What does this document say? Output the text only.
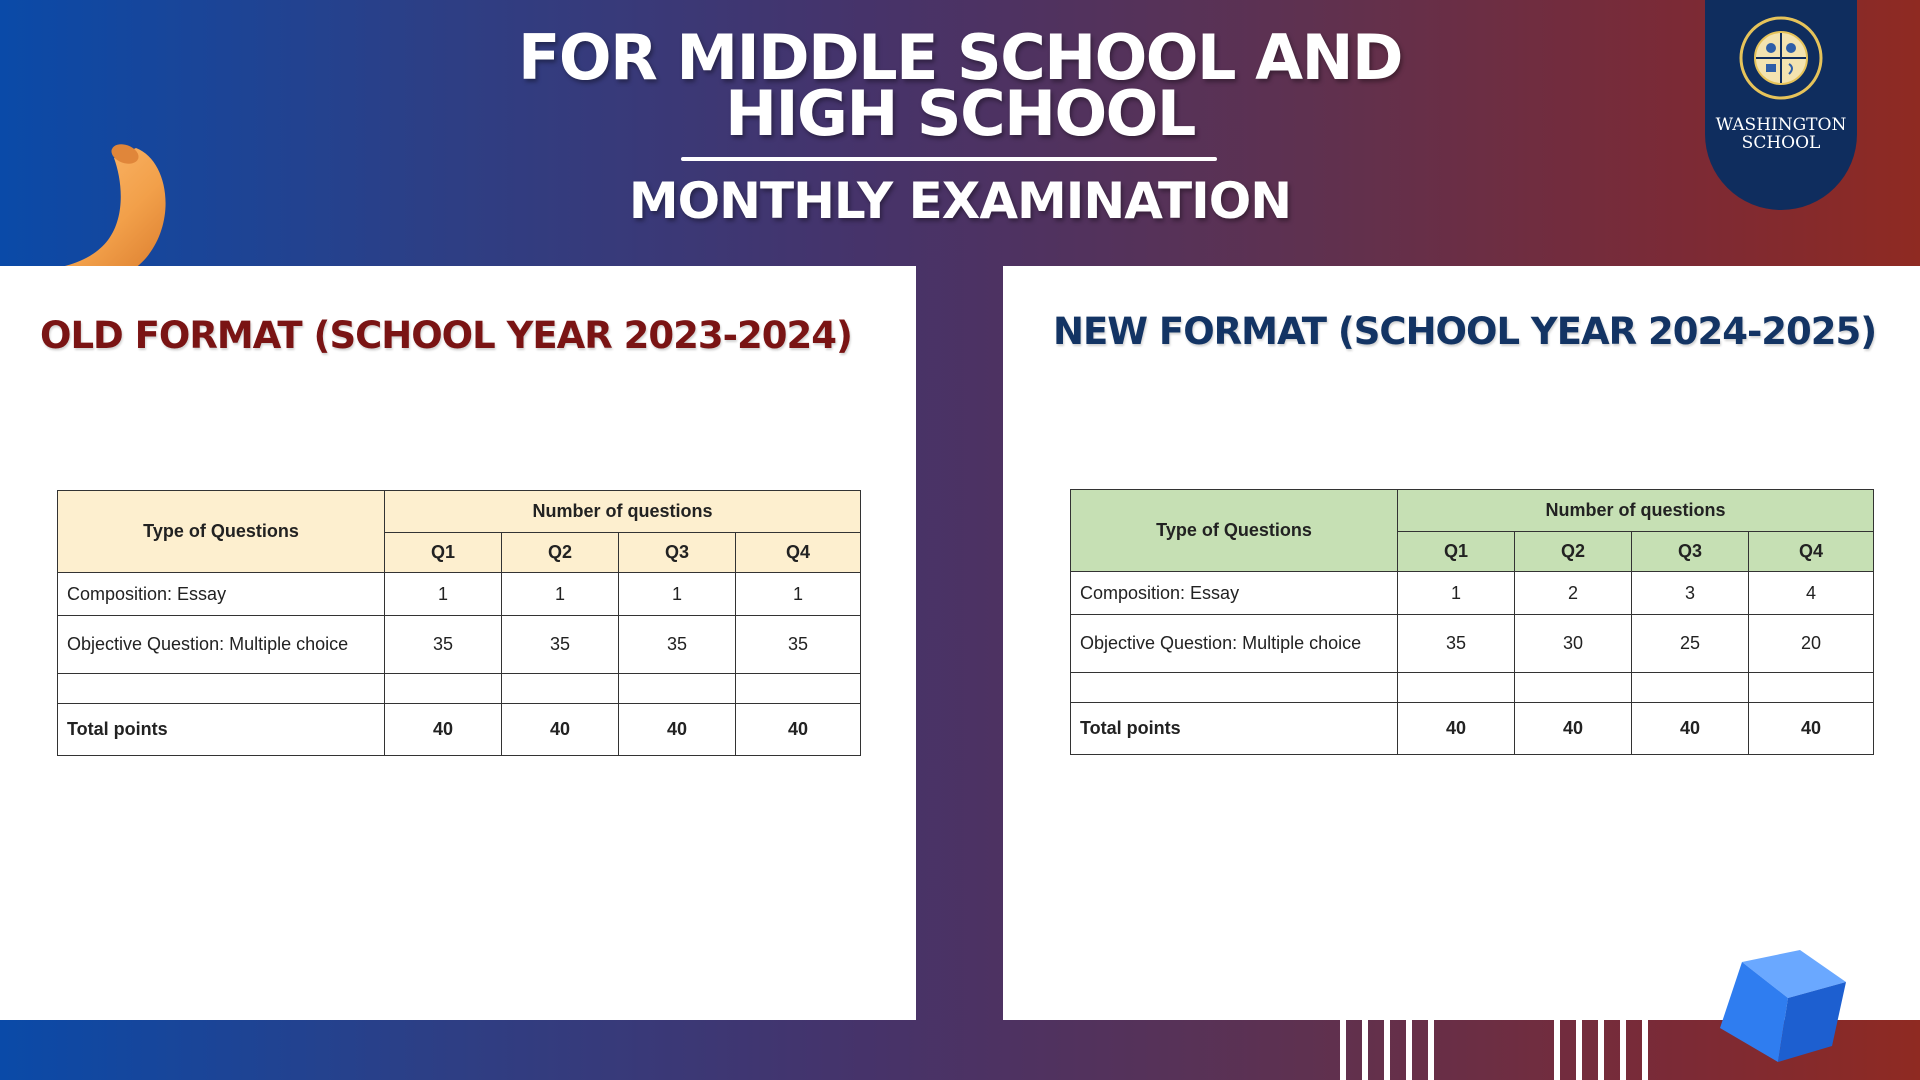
FOR MIDDLE SCHOOL AND
HIGH SCHOOL
MONTHLY EXAMINATION
WASHINGTON
SCHOOL
OLD FORMAT (SCHOOL YEAR 2023-2024)
Type of Questions	Number of questions			
	Q1	Q2	Q3	Q4
Composition: Essay	1	1	1	1
Objective Question: Multiple choice	35	35	35	35

Total points	40	40	40	40
NEW FORMAT (SCHOOL YEAR 2024-2025)
Type of Questions	Number of questions			
	Q1	Q2	Q3	Q4
Composition: Essay	1	2	3	4
Objective Question: Multiple choice	35	30	25	20

Total points	40	40	40	40
